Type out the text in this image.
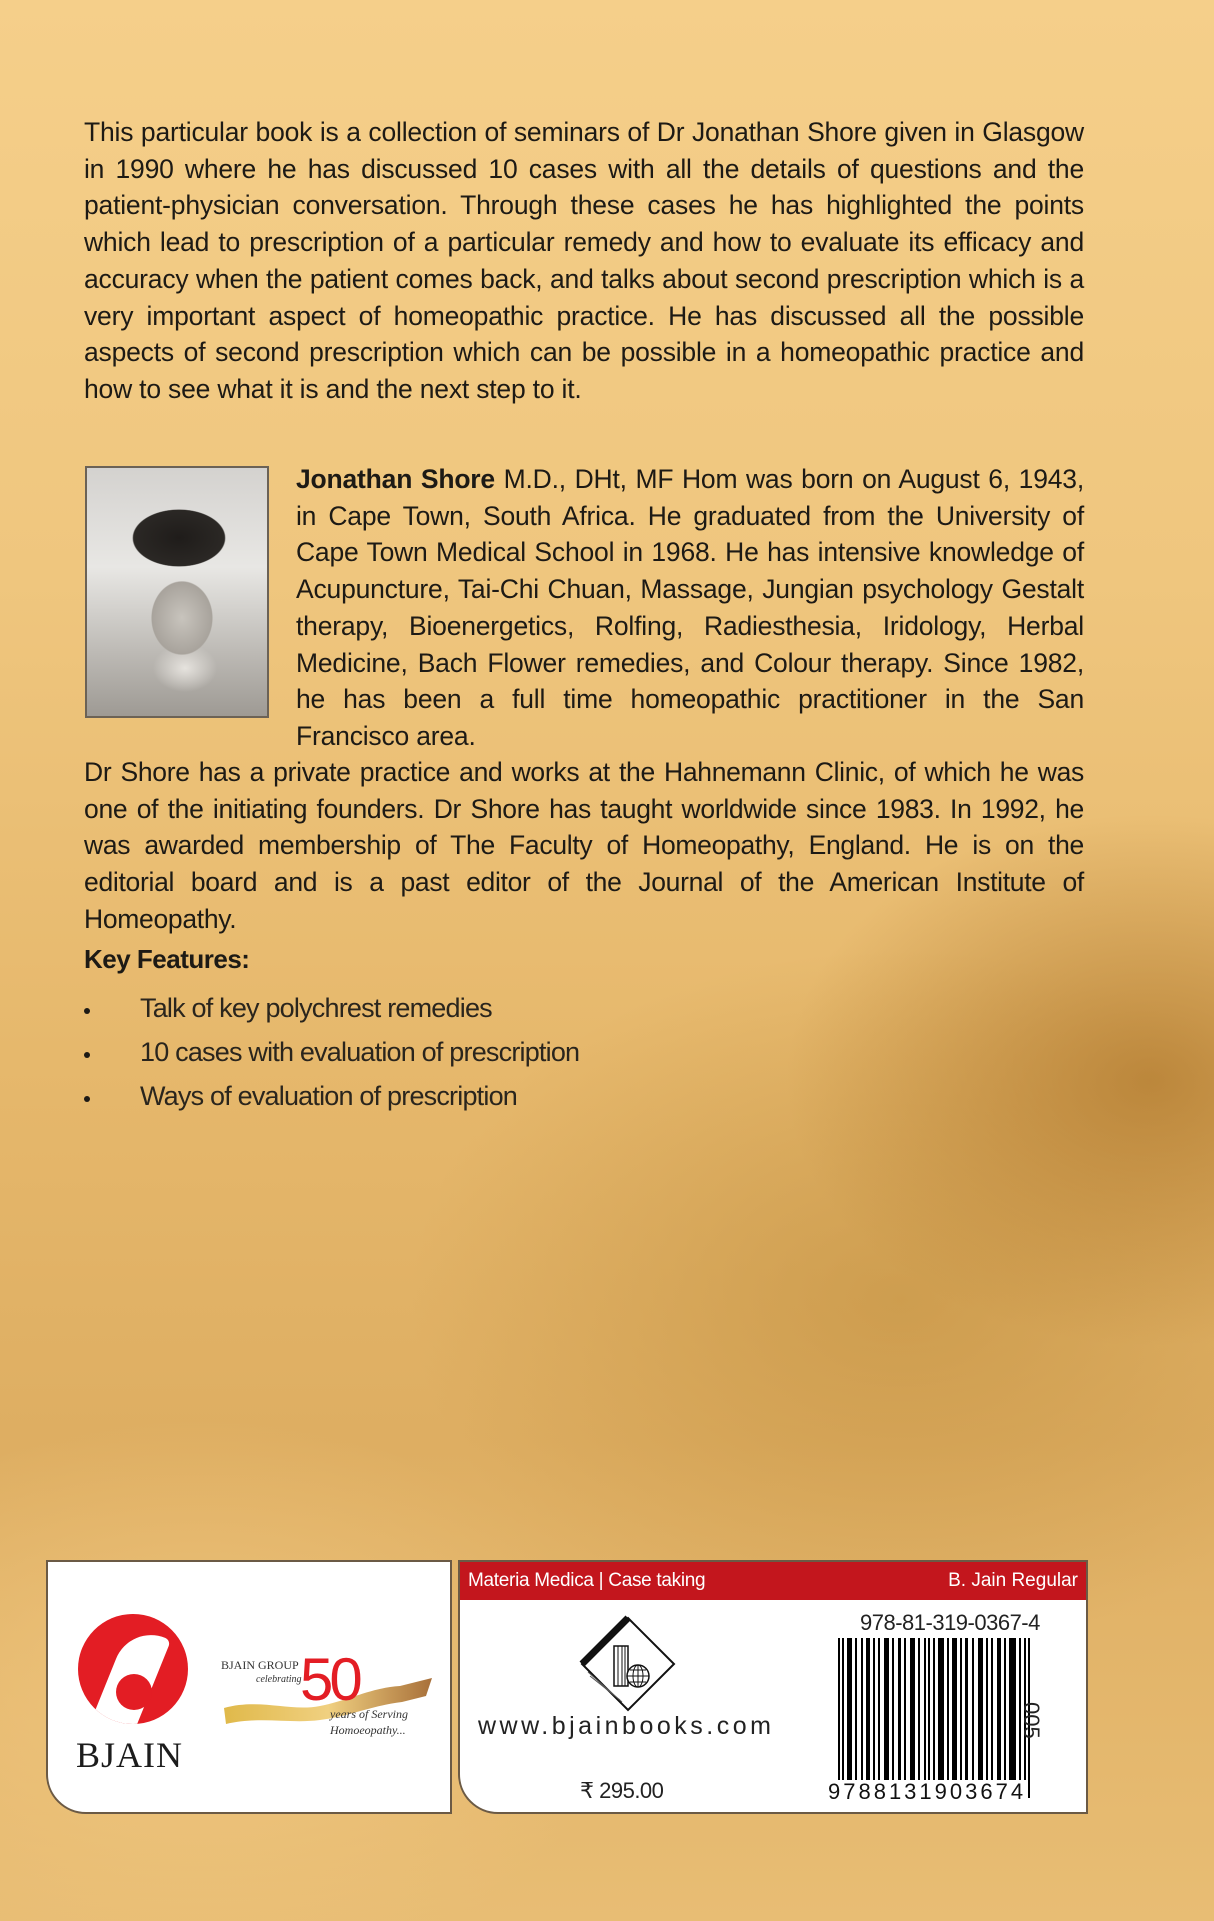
This particular book is a collection of seminars of Dr Jonathan Shore given in Glasgow in 1990 where he has discussed 10 cases with all the details of questions and the patient-physician conversation. Through these cases he has highlighted the points which lead to prescription of a particular remedy and how to evaluate its efficacy and accuracy when the patient comes back, and talks about second prescription which is a very important aspect of homeopathic practice. He has discussed all the possible aspects of second prescription which can be possible in a homeopathic practice and how to see what it is and the next step to it.
Jonathan Shore M.D., DHt, MF Hom was born on August 6, 1943, in Cape Town, South Africa. He graduated from the University of Cape Town Medical School in 1968. He has intensive knowledge of Acupuncture, Tai-Chi Chuan, Massage, Jungian psychology Gestalt therapy, Bioenergetics, Rolfing, Radiesthesia, Iridology, Herbal Medicine, Bach Flower remedies, and Colour therapy. Since 1982, he has been a full time homeopathic practitioner in the San Francisco area.
Dr Shore has a private practice and works at the Hahnemann Clinic, of which he was one of the initiating founders. Dr Shore has taught worldwide since 1983. In 1992, he was awarded membership of The Faculty of Homeopathy, England. He is on the editorial board and is a past editor of the Journal of the American Institute of Homeopathy.
Key Features:
Talk of key polychrest remedies
10 cases with evaluation of prescription
Ways of evaluation of prescription
BJAIN
BJAIN GROUP
celebrating
50
years of Serving
Homoeopathy...
Materia Medica | Case taking	B. Jain Regular
www.bjainbooks.com
₹ 295.00
978-81-319-0367-4
9788131903674
005
